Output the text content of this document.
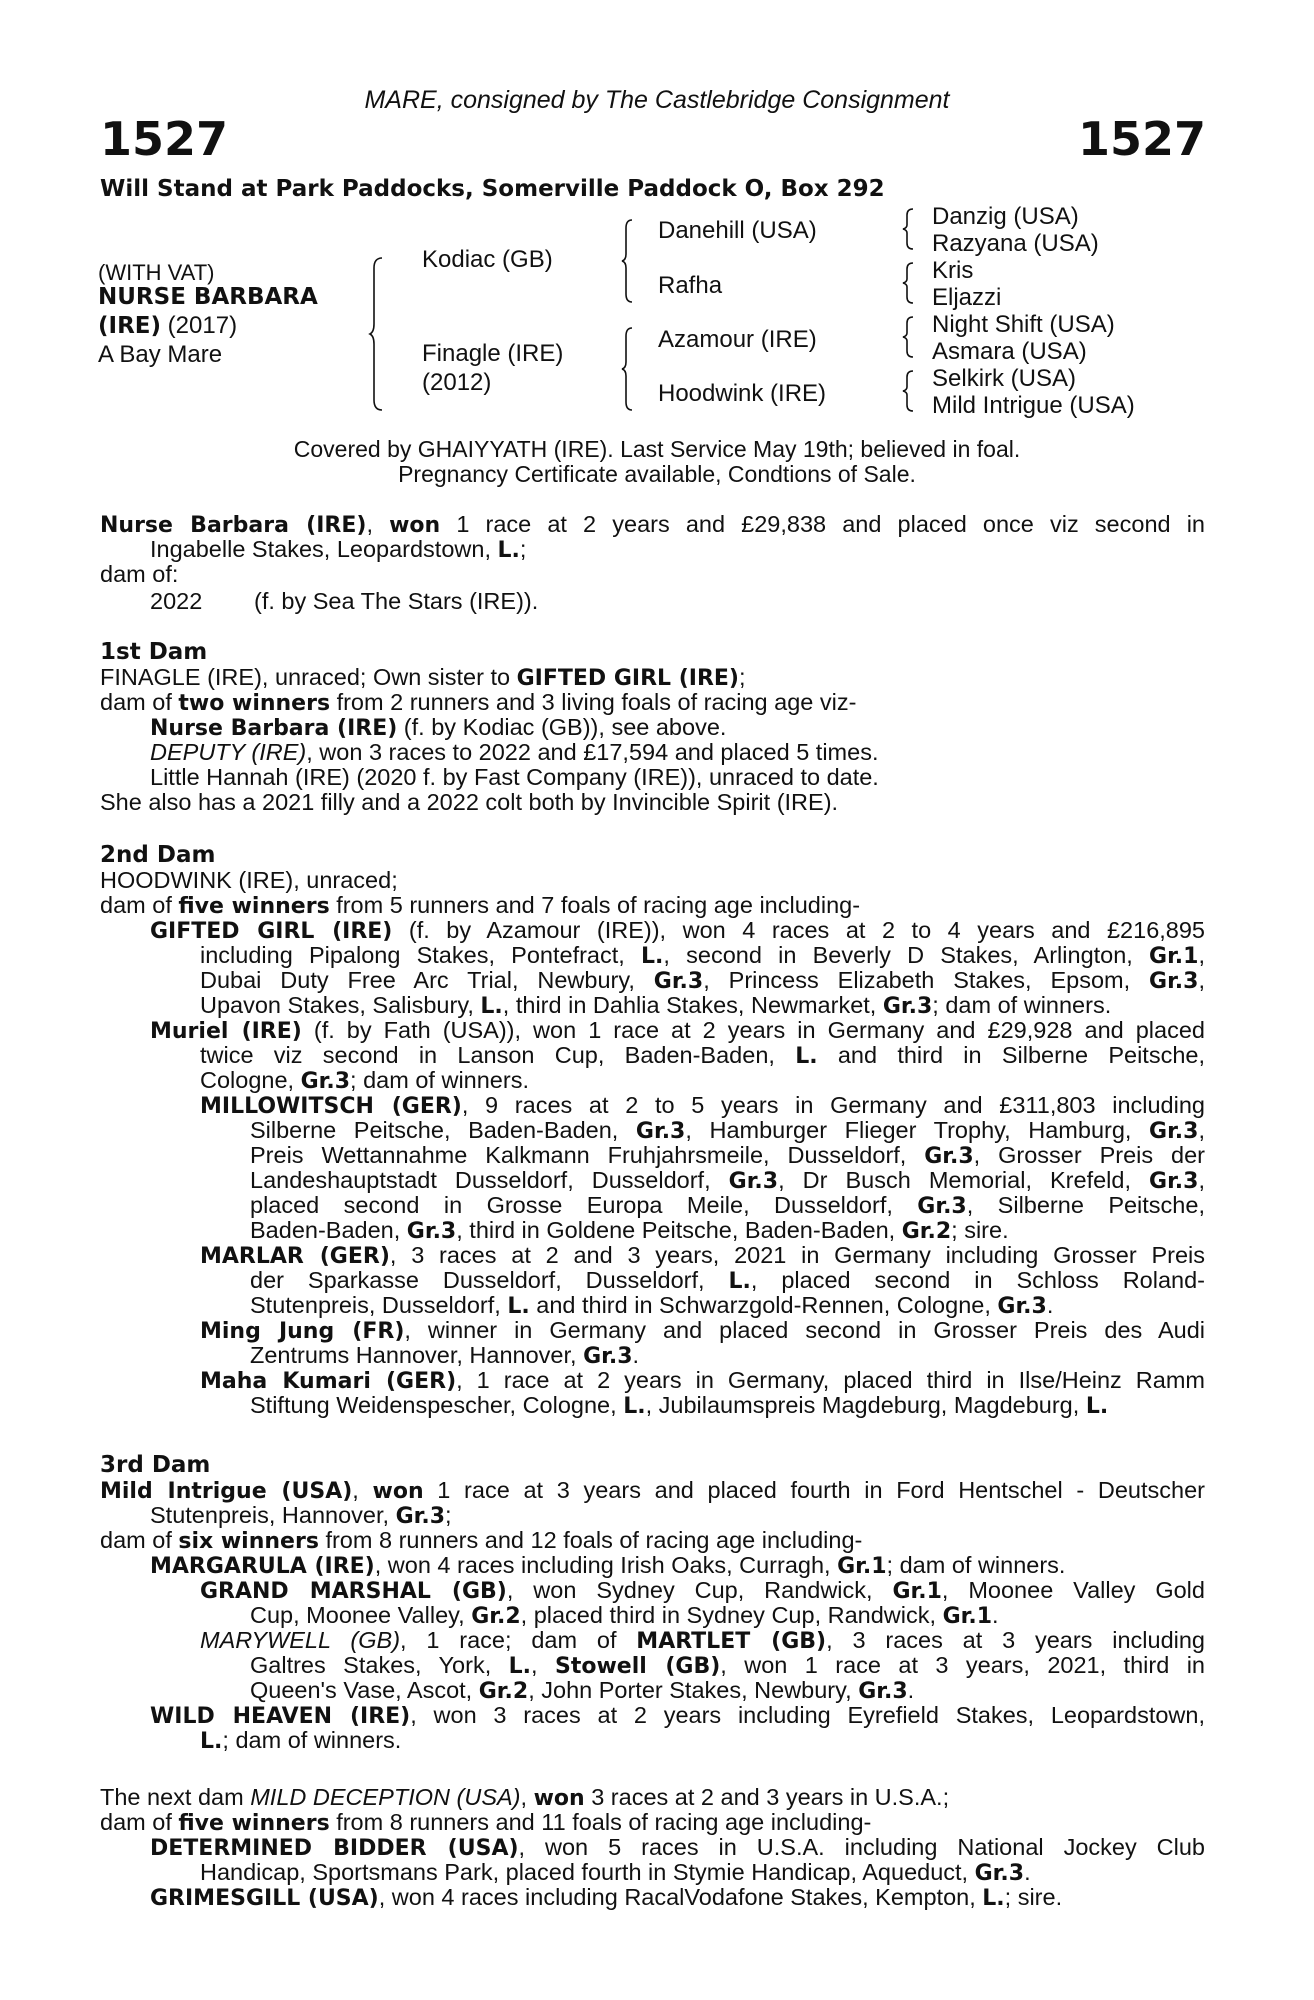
MARE, consigned by The Castlebridge Consignment
1527	1527
Will Stand at Park Paddocks, Somerville Paddock O, Box 292
(WITH VAT)
NURSE BARBARA
(IRE) (2017)
A Bay Mare
Kodiac (GB)
Finagle (IRE)
(2012)
Danehill (USA)
Rafha
Azamour (IRE)
Hoodwink (IRE)
Danzig (USA)
Razyana (USA)
Kris
Eljazzi
Night Shift (USA)
Asmara (USA)
Selkirk (USA)
Mild Intrigue (USA)
Covered by GHAIYYATH (IRE). Last Service May 19th; believed in foal.
Pregnancy Certificate available, Condtions of Sale.
Nurse Barbara (IRE), won 1 race at 2 years and £29,838 and placed once viz second in
Ingabelle Stakes, Leopardstown, L.;
dam of:
2022 (f. by Sea The Stars (IRE)).
1st Dam
FINAGLE (IRE), unraced; Own sister to GIFTED GIRL (IRE);
dam of two winners from 2 runners and 3 living foals of racing age viz-
Nurse Barbara (IRE) (f. by Kodiac (GB)), see above.
DEPUTY (IRE), won 3 races to 2022 and £17,594 and placed 5 times.
Little Hannah (IRE) (2020 f. by Fast Company (IRE)), unraced to date.
She also has a 2021 filly and a 2022 colt both by Invincible Spirit (IRE).
2nd Dam
HOODWINK (IRE), unraced;
dam of five winners from 5 runners and 7 foals of racing age including-
GIFTED GIRL (IRE) (f. by Azamour (IRE)), won 4 races at 2 to 4 years and £216,895
including Pipalong Stakes, Pontefract, L., second in Beverly D Stakes, Arlington, Gr.1,
Dubai Duty Free Arc Trial, Newbury, Gr.3, Princess Elizabeth Stakes, Epsom, Gr.3,
Upavon Stakes, Salisbury, L., third in Dahlia Stakes, Newmarket, Gr.3; dam of winners.
Muriel (IRE) (f. by Fath (USA)), won 1 race at 2 years in Germany and £29,928 and placed
twice viz second in Lanson Cup, Baden-Baden, L. and third in Silberne Peitsche,
Cologne, Gr.3; dam of winners.
MILLOWITSCH (GER), 9 races at 2 to 5 years in Germany and £311,803 including
Silberne Peitsche, Baden-Baden, Gr.3, Hamburger Flieger Trophy, Hamburg, Gr.3,
Preis Wettannahme Kalkmann Fruhjahrsmeile, Dusseldorf, Gr.3, Grosser Preis der
Landeshauptstadt Dusseldorf, Dusseldorf, Gr.3, Dr Busch Memorial, Krefeld, Gr.3,
placed second in Grosse Europa Meile, Dusseldorf, Gr.3, Silberne Peitsche,
Baden-Baden, Gr.3, third in Goldene Peitsche, Baden-Baden, Gr.2; sire.
MARLAR (GER), 3 races at 2 and 3 years, 2021 in Germany including Grosser Preis
der Sparkasse Dusseldorf, Dusseldorf, L., placed second in Schloss Roland-
Stutenpreis, Dusseldorf, L. and third in Schwarzgold-Rennen, Cologne, Gr.3.
Ming Jung (FR), winner in Germany and placed second in Grosser Preis des Audi
Zentrums Hannover, Hannover, Gr.3.
Maha Kumari (GER), 1 race at 2 years in Germany, placed third in Ilse/Heinz Ramm
Stiftung Weidenspescher, Cologne, L., Jubilaumspreis Magdeburg, Magdeburg, L.
3rd Dam
Mild Intrigue (USA), won 1 race at 3 years and placed fourth in Ford Hentschel - Deutscher
Stutenpreis, Hannover, Gr.3;
dam of six winners from 8 runners and 12 foals of racing age including-
MARGARULA (IRE), won 4 races including Irish Oaks, Curragh, Gr.1; dam of winners.
GRAND MARSHAL (GB), won Sydney Cup, Randwick, Gr.1, Moonee Valley Gold
Cup, Moonee Valley, Gr.2, placed third in Sydney Cup, Randwick, Gr.1.
MARYWELL (GB), 1 race; dam of MARTLET (GB), 3 races at 3 years including
Galtres Stakes, York, L., Stowell (GB), won 1 race at 3 years, 2021, third in
Queen's Vase, Ascot, Gr.2, John Porter Stakes, Newbury, Gr.3.
WILD HEAVEN (IRE), won 3 races at 2 years including Eyrefield Stakes, Leopardstown,
L.; dam of winners.
The next dam MILD DECEPTION (USA), won 3 races at 2 and 3 years in U.S.A.;
dam of five winners from 8 runners and 11 foals of racing age including-
DETERMINED BIDDER (USA), won 5 races in U.S.A. including National Jockey Club
Handicap, Sportsmans Park, placed fourth in Stymie Handicap, Aqueduct, Gr.3.
GRIMESGILL (USA), won 4 races including RacalVodafone Stakes, Kempton, L.; sire.
